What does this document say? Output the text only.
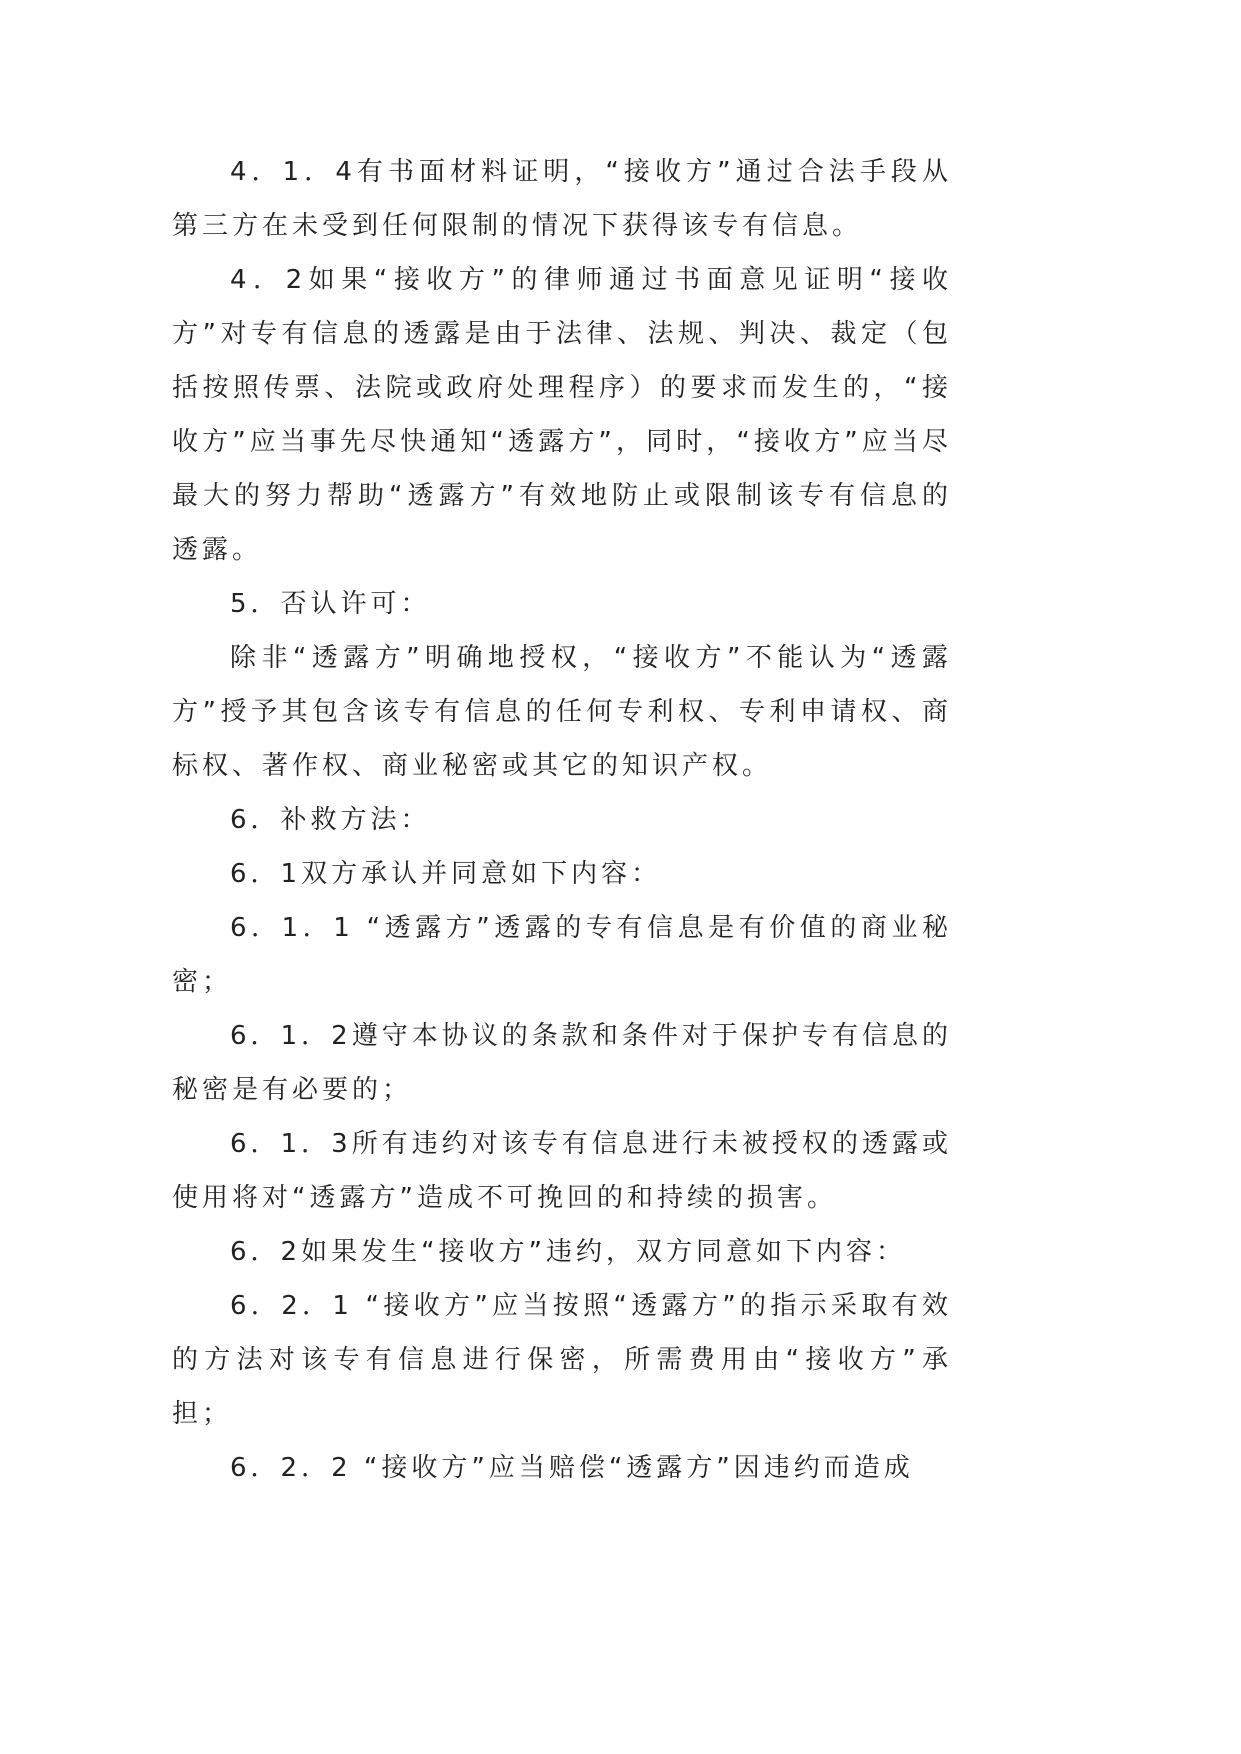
4．1．4有书面材料证明，“接收方”通过合法手段从第三方在未受到任何限制的情况下获得该专有信息。

4．2如果“接收方”的律师通过书面意见证明“接收方”对专有信息的透露是由于法律、法规、判决、裁定（包括按照传票、法院或政府处理程序）的要求而发生的，“接收方”应当事先尽快通知“透露方”，同时，“接收方”应当尽最大的努力帮助“透露方”有效地防止或限制该专有信息的透露。

5．否认许可：

除非“透露方”明确地授权，“接收方”不能认为“透露方”授予其包含该专有信息的任何专利权、专利申请权、商标权、著作权、商业秘密或其它的知识产权。

6．补救方法：

6．1双方承认并同意如下内容：

6．1．1 “透露方”透露的专有信息是有价值的商业秘密；

6．1．2遵守本协议的条款和条件对于保护专有信息的秘密是有必要的；

6．1．3所有违约对该专有信息进行未被授权的透露或使用将对“透露方”造成不可挽回的和持续的损害。

6．2如果发生“接收方”违约，双方同意如下内容：

6．2．1 “接收方”应当按照“透露方”的指示采取有效的方法对该专有信息进行保密，所需费用由“接收方”承担；

6．2．2 “接收方”应当赔偿“透露方”因违约而造成
